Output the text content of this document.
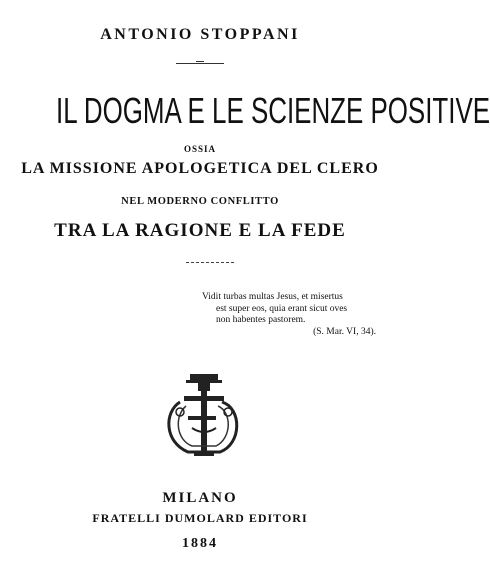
ANTONIO STOPPANI
IL DOGMA E LE SCIENZE POSITIVE
OSSIA
LA MISSIONE APOLOGETICA DEL CLERO
NEL MODERNO CONFLITTO
TRA LA RAGIONE E LA FEDE
Vidit turbas multas Jesus, et misertus
est super eos, quia erant sicut oves
non habentes pastorem.
(S. Mar. VI, 34).
MILANO
FRATELLI DUMOLARD EDITORI
1884
